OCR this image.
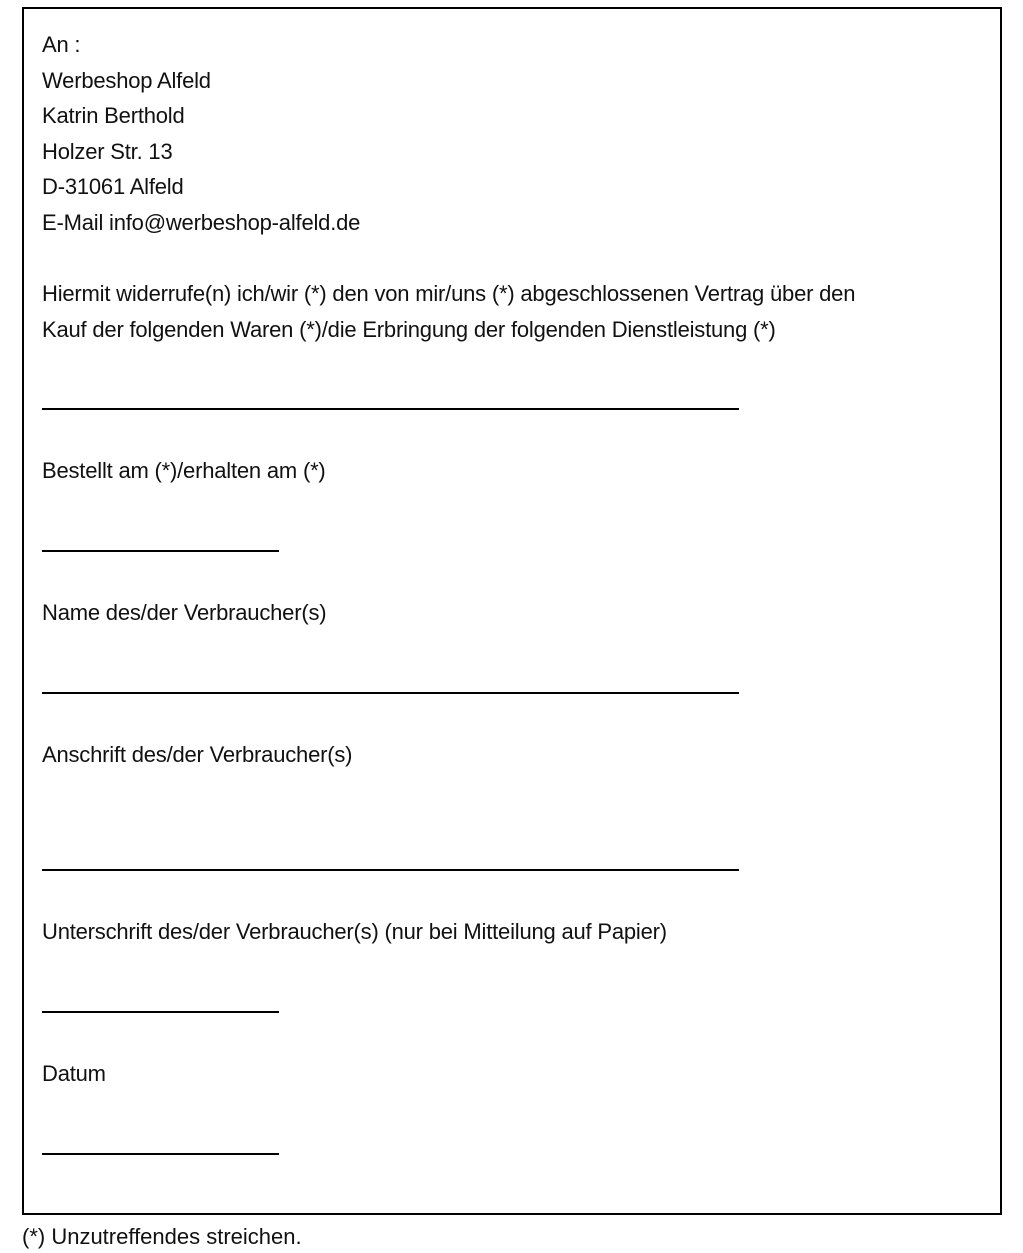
An :
Werbeshop Alfeld
Katrin Berthold
Holzer Str. 13
D-31061 Alfeld
E-Mail info@werbeshop-alfeld.de
Hiermit widerrufe(n) ich/wir (*) den von mir/uns (*) abgeschlossenen Vertrag über den
Kauf der folgenden Waren (*)/die Erbringung der folgenden Dienstleistung (*)
Bestellt am (*)/erhalten am (*)
Name des/der Verbraucher(s)
Anschrift des/der Verbraucher(s)
Unterschrift des/der Verbraucher(s) (nur bei Mitteilung auf Papier)
Datum
(*) Unzutreffendes streichen.
